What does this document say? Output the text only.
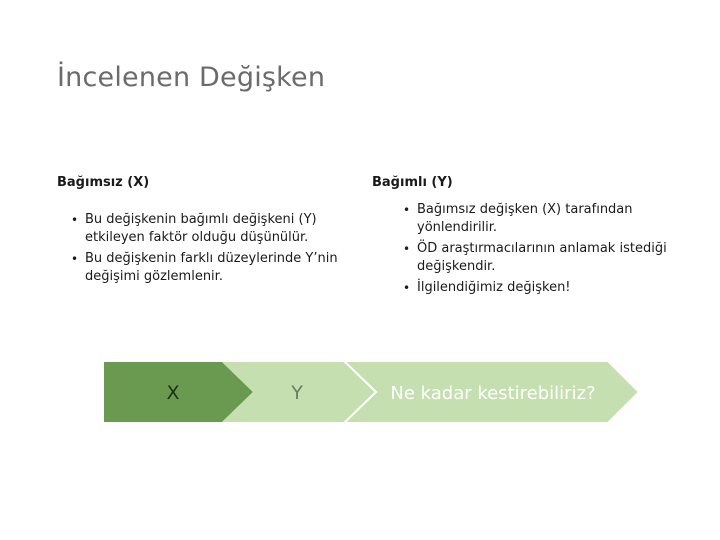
İncelenen Değişken
Bağımsız (X)	Bağımlı (Y)
• Bu değişkenin bağımlı değişkeni (Y) etkileyen faktör olduğu düşünülür.
• Bu değişkenin farklı düzeylerinde Y’nin değişimi gözlemlenir.
• Bağımsız değişken (X) tarafından yönlendirilir.
• ÖD araştırmacılarının anlamak istediği değişkendir.
• İlgilendiğimiz değişken!
X	Y	Ne kadar kestirebiliriz?
